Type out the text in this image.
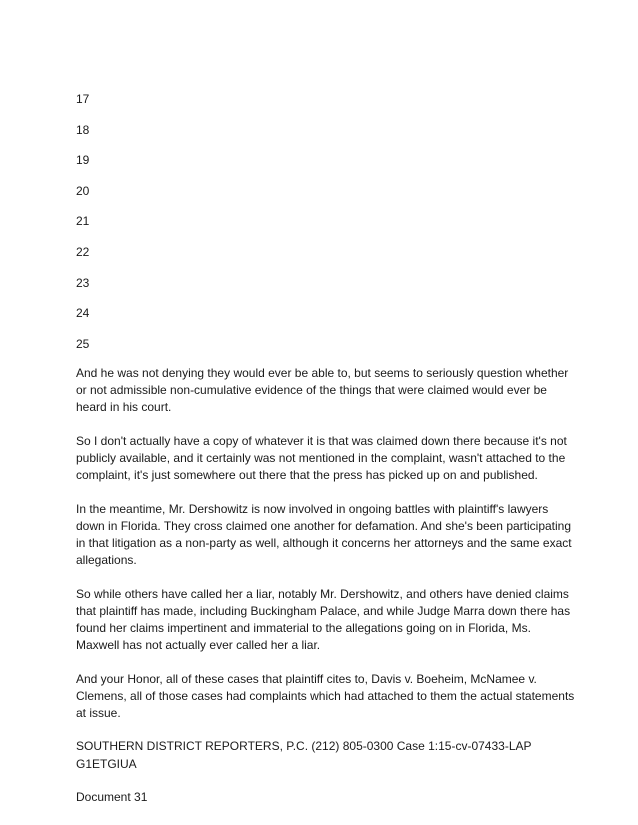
17
18
19
20
21
22
23
24
25

And he was not denying they would ever be able to, but seems to seriously question whether or not admissible non-cumulative evidence of the things that were claimed would ever be heard in his court.

So I don't actually have a copy of whatever it is that was claimed down there because it's not publicly available, and it certainly was not mentioned in the complaint, wasn't attached to the complaint, it's just somewhere out there that the press has picked up on and published.

In the meantime, Mr. Dershowitz is now involved in ongoing battles with plaintiff's lawyers down in Florida. They cross claimed one another for defamation. And she's been participating in that litigation as a non-party as well, although it concerns her attorneys and the same exact allegations.

So while others have called her a liar, notably Mr. Dershowitz, and others have denied claims that plaintiff has made, including Buckingham Palace, and while Judge Marra down there has found her claims impertinent and immaterial to the allegations going on in Florida, Ms. Maxwell has not actually ever called her a liar.

And your Honor, all of these cases that plaintiff cites to, Davis v. Boeheim, McNamee v. Clemens, all of those cases had complaints which had attached to them the actual statements at issue.

SOUTHERN DISTRICT REPORTERS, P.C. (212) 805-0300 Case 1:15-cv-07433-LAP G1ETGIUA

Document 31
